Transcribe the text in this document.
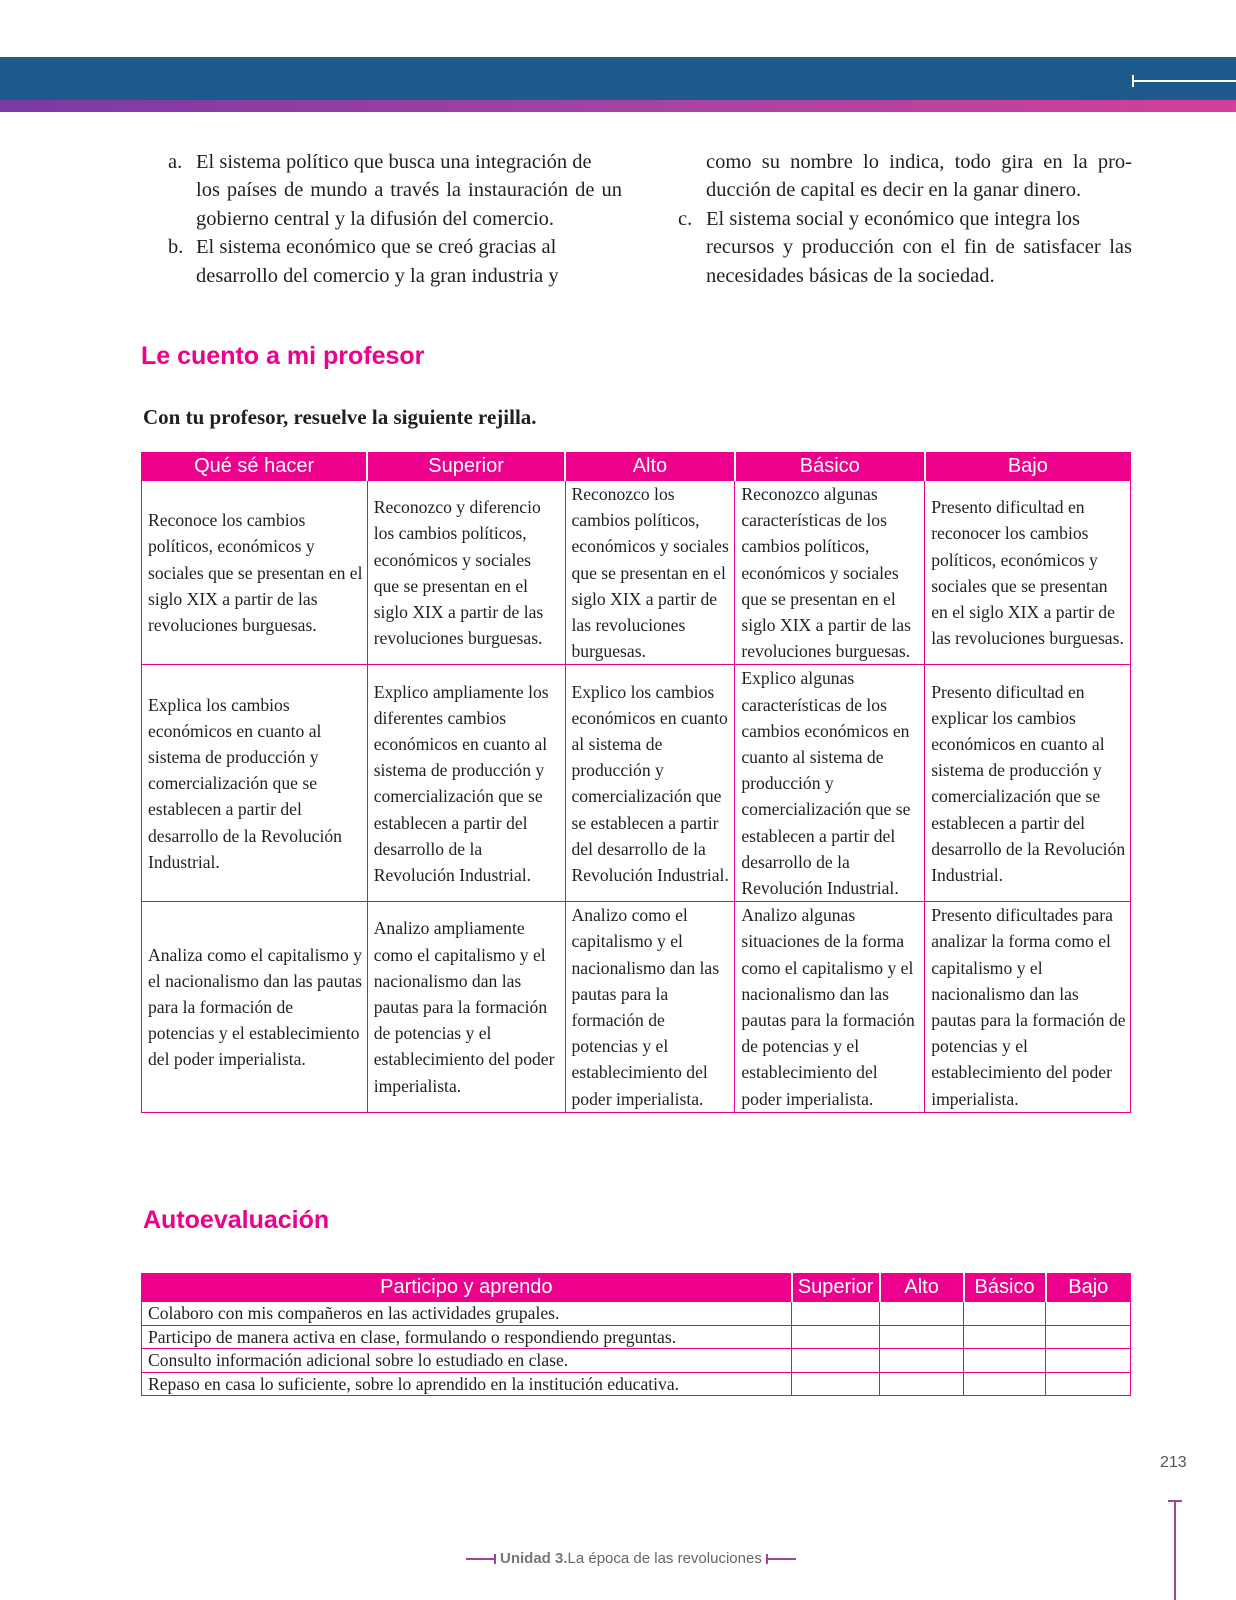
a. El sistema político que busca una integración de

los países de mundo a través la instauración de un gobierno central y la difusión del comercio.

b. El sistema económico que se creó gracias al

desarrollo del comercio y la gran industria y

como su nombre lo indica, todo gira en la pro-ducción de capital es decir en la ganar dinero.

c. El sistema social y económico que integra los

recursos y producción con el fin de satisfacer las necesidades básicas de la sociedad.

Le cuento a mi profesor

Con tu profesor, resuelve la siguiente rejilla.

Qué sé hacer	Superior	Alto	Básico	Bajo
Reconoce los cambios políticos, económicos y sociales que se presentan en el siglo XIX a partir de las revoluciones burguesas.	Reconozco y diferencio los cambios políticos, económicos y sociales que se presentan en el siglo XIX a partir de las revoluciones burguesas.	Reconozco los cambios políticos, económicos y sociales que se presentan en el siglo XIX a partir de las revoluciones burguesas.	Reconozco algunas características de los cambios políticos, económicos y sociales que se presentan en el siglo XIX a partir de las revoluciones burguesas.	Presento dificultad en reconocer los cambios políticos, económicos y sociales que se presentan en el siglo XIX a partir de las revoluciones burguesas.
Explica los cambios económicos en cuanto al sistema de producción y comercialización que se establecen a partir del desarrollo de la Revolución Industrial.	Explico ampliamente los diferentes cambios económicos en cuanto al sistema de producción y comercialización que se establecen a partir del desarrollo de la Revolución Industrial.	Explico los cambios económicos en cuanto al sistema de producción y comercialización que se establecen a partir del desarrollo de la Revolución Industrial.	Explico algunas características de los cambios económicos en cuanto al sistema de producción y comercialización que se establecen a partir del desarrollo de la Revolución Industrial.	Presento dificultad en explicar los cambios económicos en cuanto al sistema de producción y comercialización que se establecen a partir del desarrollo de la Revolución Industrial.
Analiza como el capitalismo y el nacionalismo dan las pautas para la formación de potencias y el establecimiento del poder imperialista.	Analizo ampliamente como el capitalismo y el nacionalismo dan las pautas para la formación de potencias y el establecimiento del poder imperialista.	Analizo como el capitalismo y el nacionalismo dan las pautas para la formación de potencias y el establecimiento del poder imperialista.	Analizo algunas situaciones de la forma como el capitalismo y el nacionalismo dan las pautas para la formación de potencias y el establecimiento del poder imperialista.	Presento dificultades para analizar la forma como el capitalismo y el nacionalismo dan las pautas para la formación de potencias y el establecimiento del poder imperialista.
Autoevaluación
Participo y aprendo	Superior	Alto	Básico	Bajo
Colaboro con mis compañeros en las actividades grupales.				
Participo de manera activa en clase, formulando o respondiendo preguntas.				
Consulto información adicional sobre lo estudiado en clase.				
Repaso en casa lo suficiente, sobre lo aprendido en la institución educativa.				

213

Unidad 3. La época de las revoluciones
